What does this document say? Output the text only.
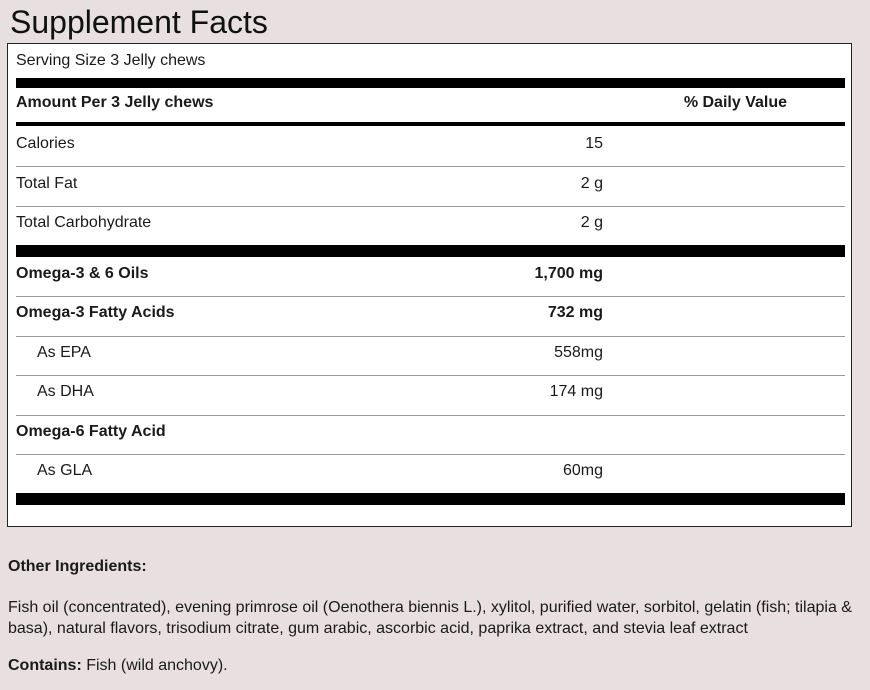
Supplement Facts
Serving Size 3 Jelly chews
Amount Per 3 Jelly chews	% Daily Value
Calories	15
Total Fat	2 g
Total Carbohydrate	2 g
Omega-3 & 6 Oils	1,700 mg
Omega-3 Fatty Acids	732 mg
As EPA	558mg
As DHA	174 mg
Omega-6 Fatty Acid
As GLA	60mg
Other Ingredients:
Fish oil (concentrated), evening primrose oil (Oenothera biennis L.), xylitol, purified water, sorbitol, gelatin (fish; tilapia & basa), natural flavors, trisodium citrate, gum arabic, ascorbic acid, paprika extract, and stevia leaf extract
Contains: Fish (wild anchovy).
